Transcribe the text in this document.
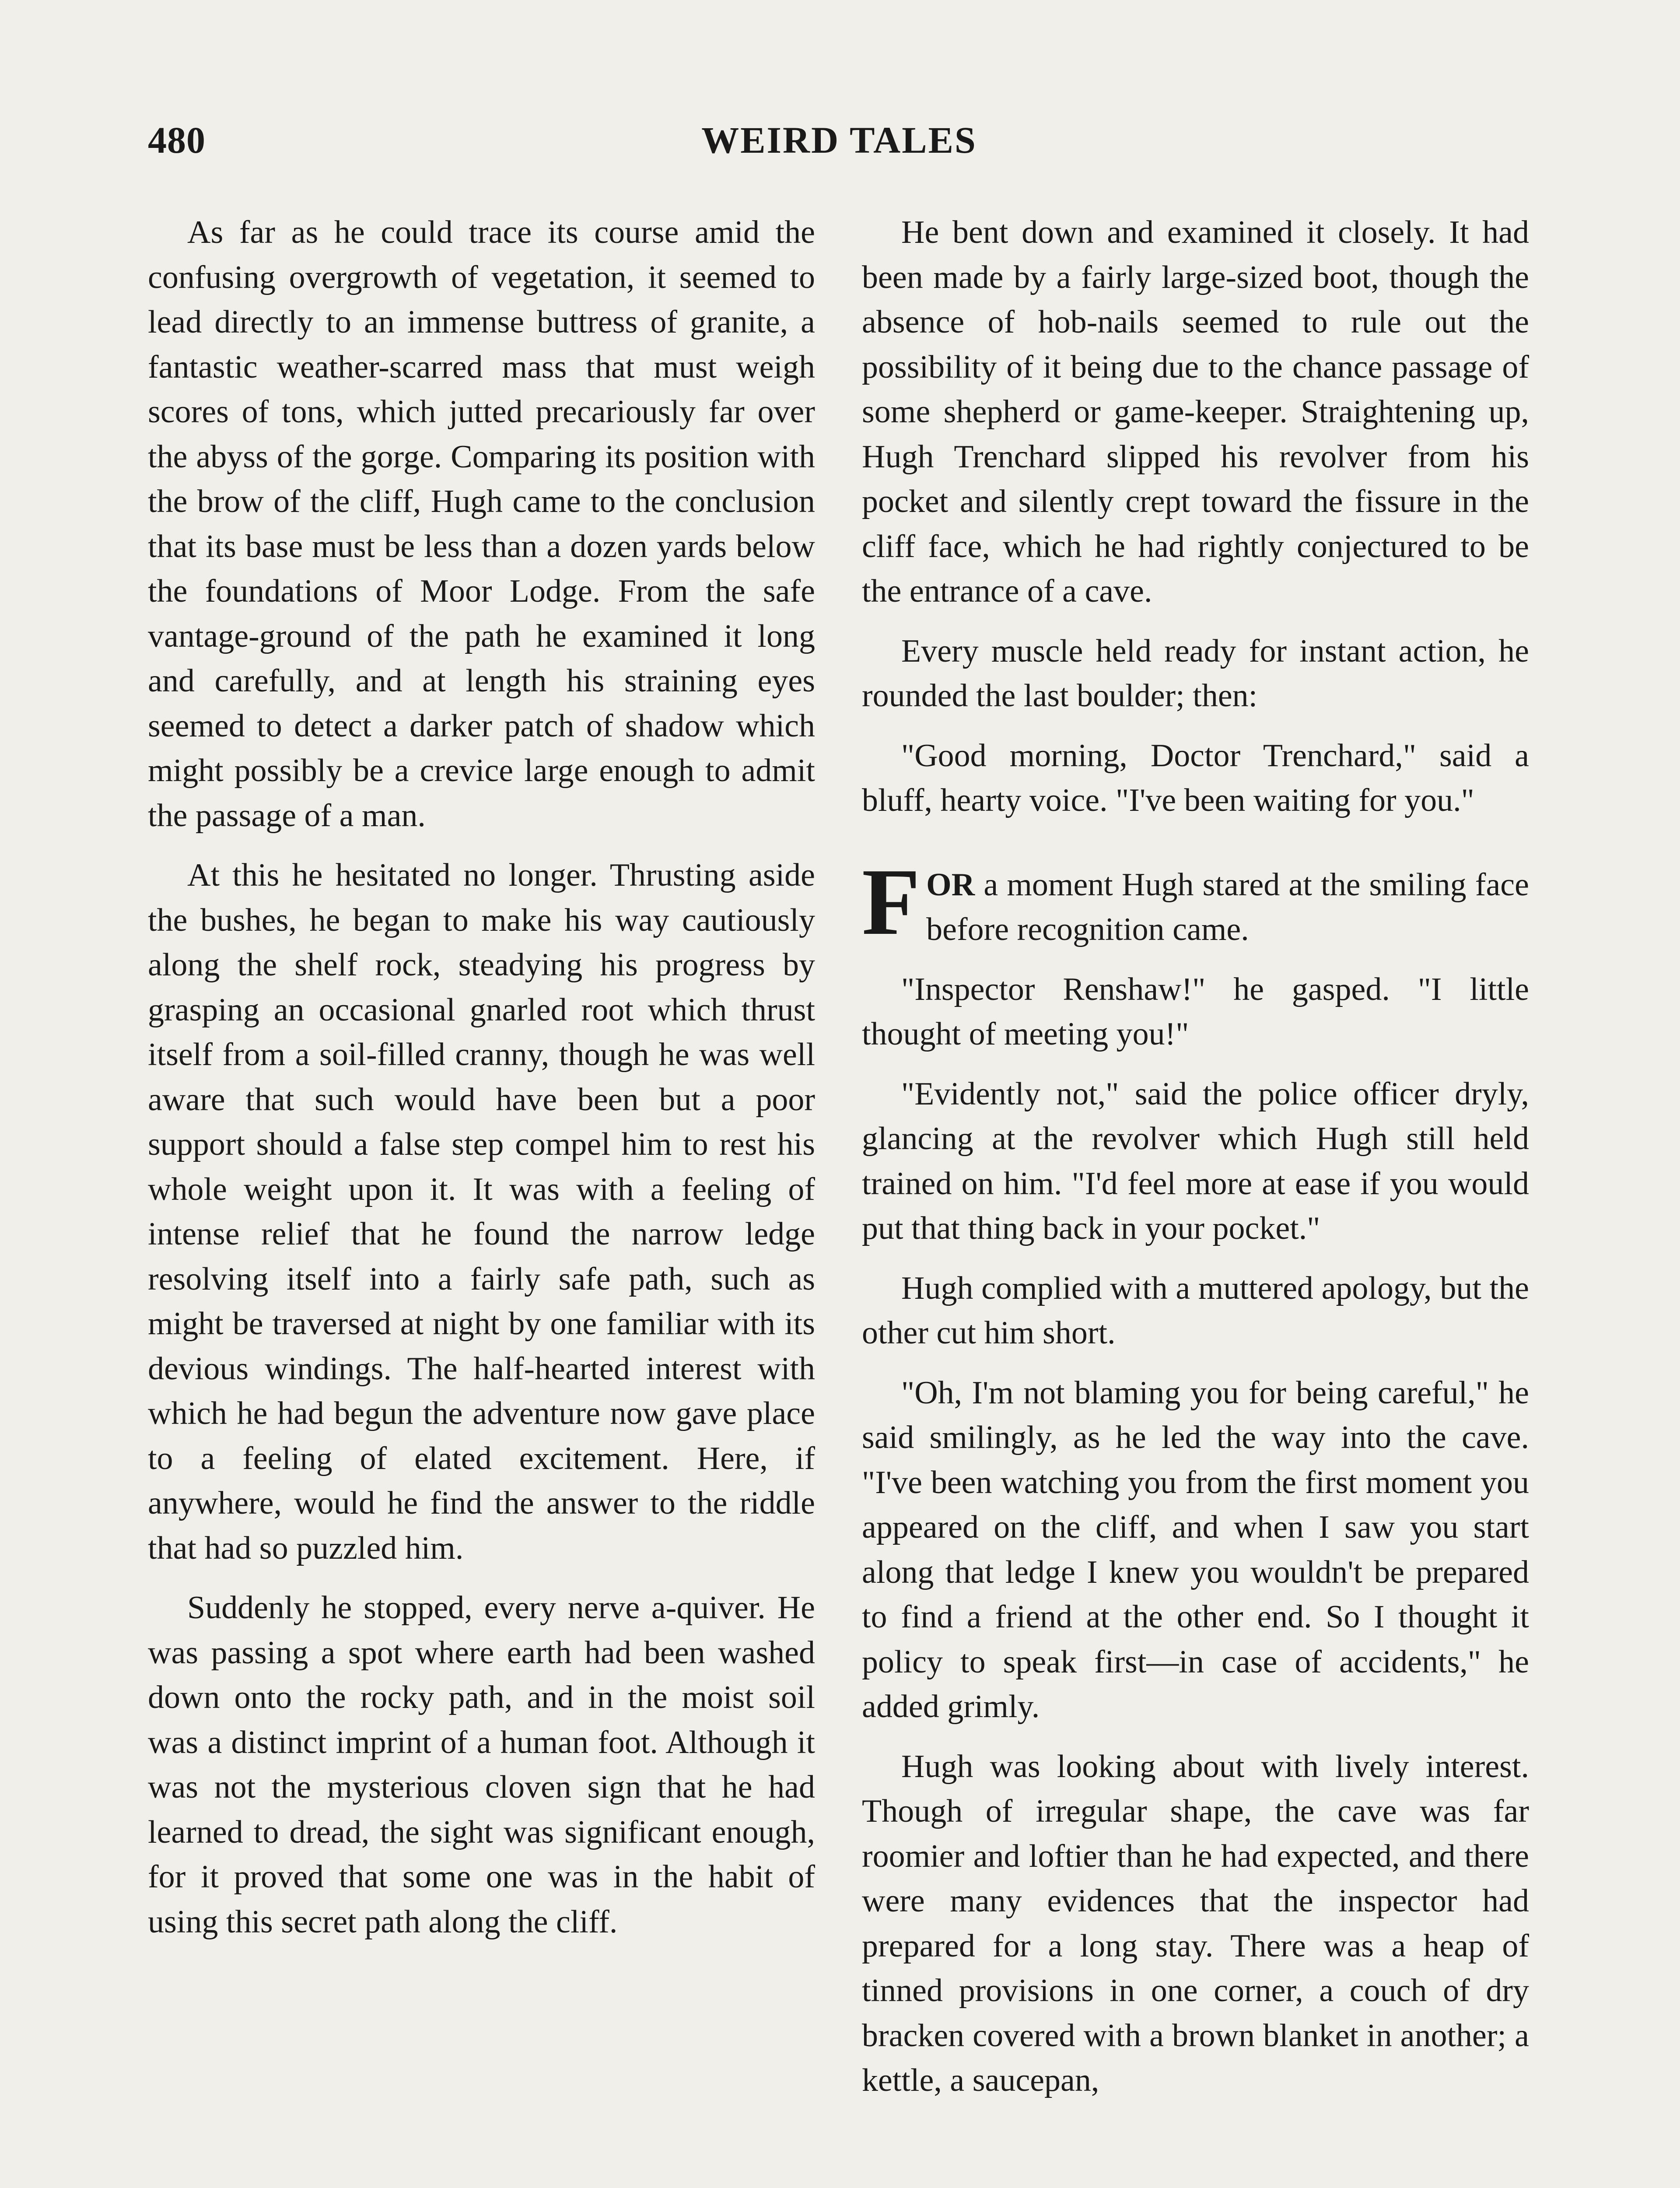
480	WEIRD TALES

As far as he could trace its course amid the confusing overgrowth of vegetation, it seemed to lead directly to an immense buttress of granite, a fantastic weather-scarred mass that must weigh scores of tons, which jutted precariously far over the abyss of the gorge. Comparing its position with the brow of the cliff, Hugh came to the conclusion that its base must be less than a dozen yards below the foundations of Moor Lodge. From the safe vantage-ground of the path he examined it long and carefully, and at length his straining eyes seemed to detect a darker patch of shadow which might possibly be a crevice large enough to admit the passage of a man.

At this he hesitated no longer. Thrusting aside the bushes, he began to make his way cautiously along the shelf rock, steadying his progress by grasping an occasional gnarled root which thrust itself from a soil-filled cranny, though he was well aware that such would have been but a poor support should a false step compel him to rest his whole weight upon it. It was with a feeling of intense relief that he found the narrow ledge resolving itself into a fairly safe path, such as might be traversed at night by one familiar with its devious windings. The half-hearted interest with which he had begun the adventure now gave place to a feeling of elated excitement. Here, if anywhere, would he find the answer to the riddle that had so puzzled him.

Suddenly he stopped, every nerve a-quiver. He was passing a spot where earth had been washed down onto the rocky path, and in the moist soil was a distinct imprint of a human foot. Although it was not the mysterious cloven sign that he had learned to dread, the sight was significant enough, for it proved that some one was in the habit of using this secret path along the cliff.

He bent down and examined it closely. It had been made by a fairly large-sized boot, though the absence of hob-nails seemed to rule out the possibility of it being due to the chance passage of some shepherd or game-keeper. Straightening up, Hugh Trenchard slipped his revolver from his pocket and silently crept toward the fissure in the cliff face, which he had rightly conjectured to be the entrance of a cave.

Every muscle held ready for instant action, he rounded the last boulder; then:

"Good morning, Doctor Trenchard," said a bluff, hearty voice. "I've been waiting for you."

FOR a moment Hugh stared at the smiling face before recognition came.

"Inspector Renshaw!" he gasped. "I little thought of meeting you!"

"Evidently not," said the police officer dryly, glancing at the revolver which Hugh still held trained on him. "I'd feel more at ease if you would put that thing back in your pocket."

Hugh complied with a muttered apology, but the other cut him short.

"Oh, I'm not blaming you for being careful," he said smilingly, as he led the way into the cave. "I've been watching you from the first moment you appeared on the cliff, and when I saw you start along that ledge I knew you wouldn't be prepared to find a friend at the other end. So I thought it policy to speak first—in case of accidents," he added grimly.

Hugh was looking about with lively interest. Though of irregular shape, the cave was far roomier and loftier than he had expected, and there were many evidences that the inspector had prepared for a long stay. There was a heap of tinned provisions in one corner, a couch of dry bracken covered with a brown blanket in another; a kettle, a saucepan,
